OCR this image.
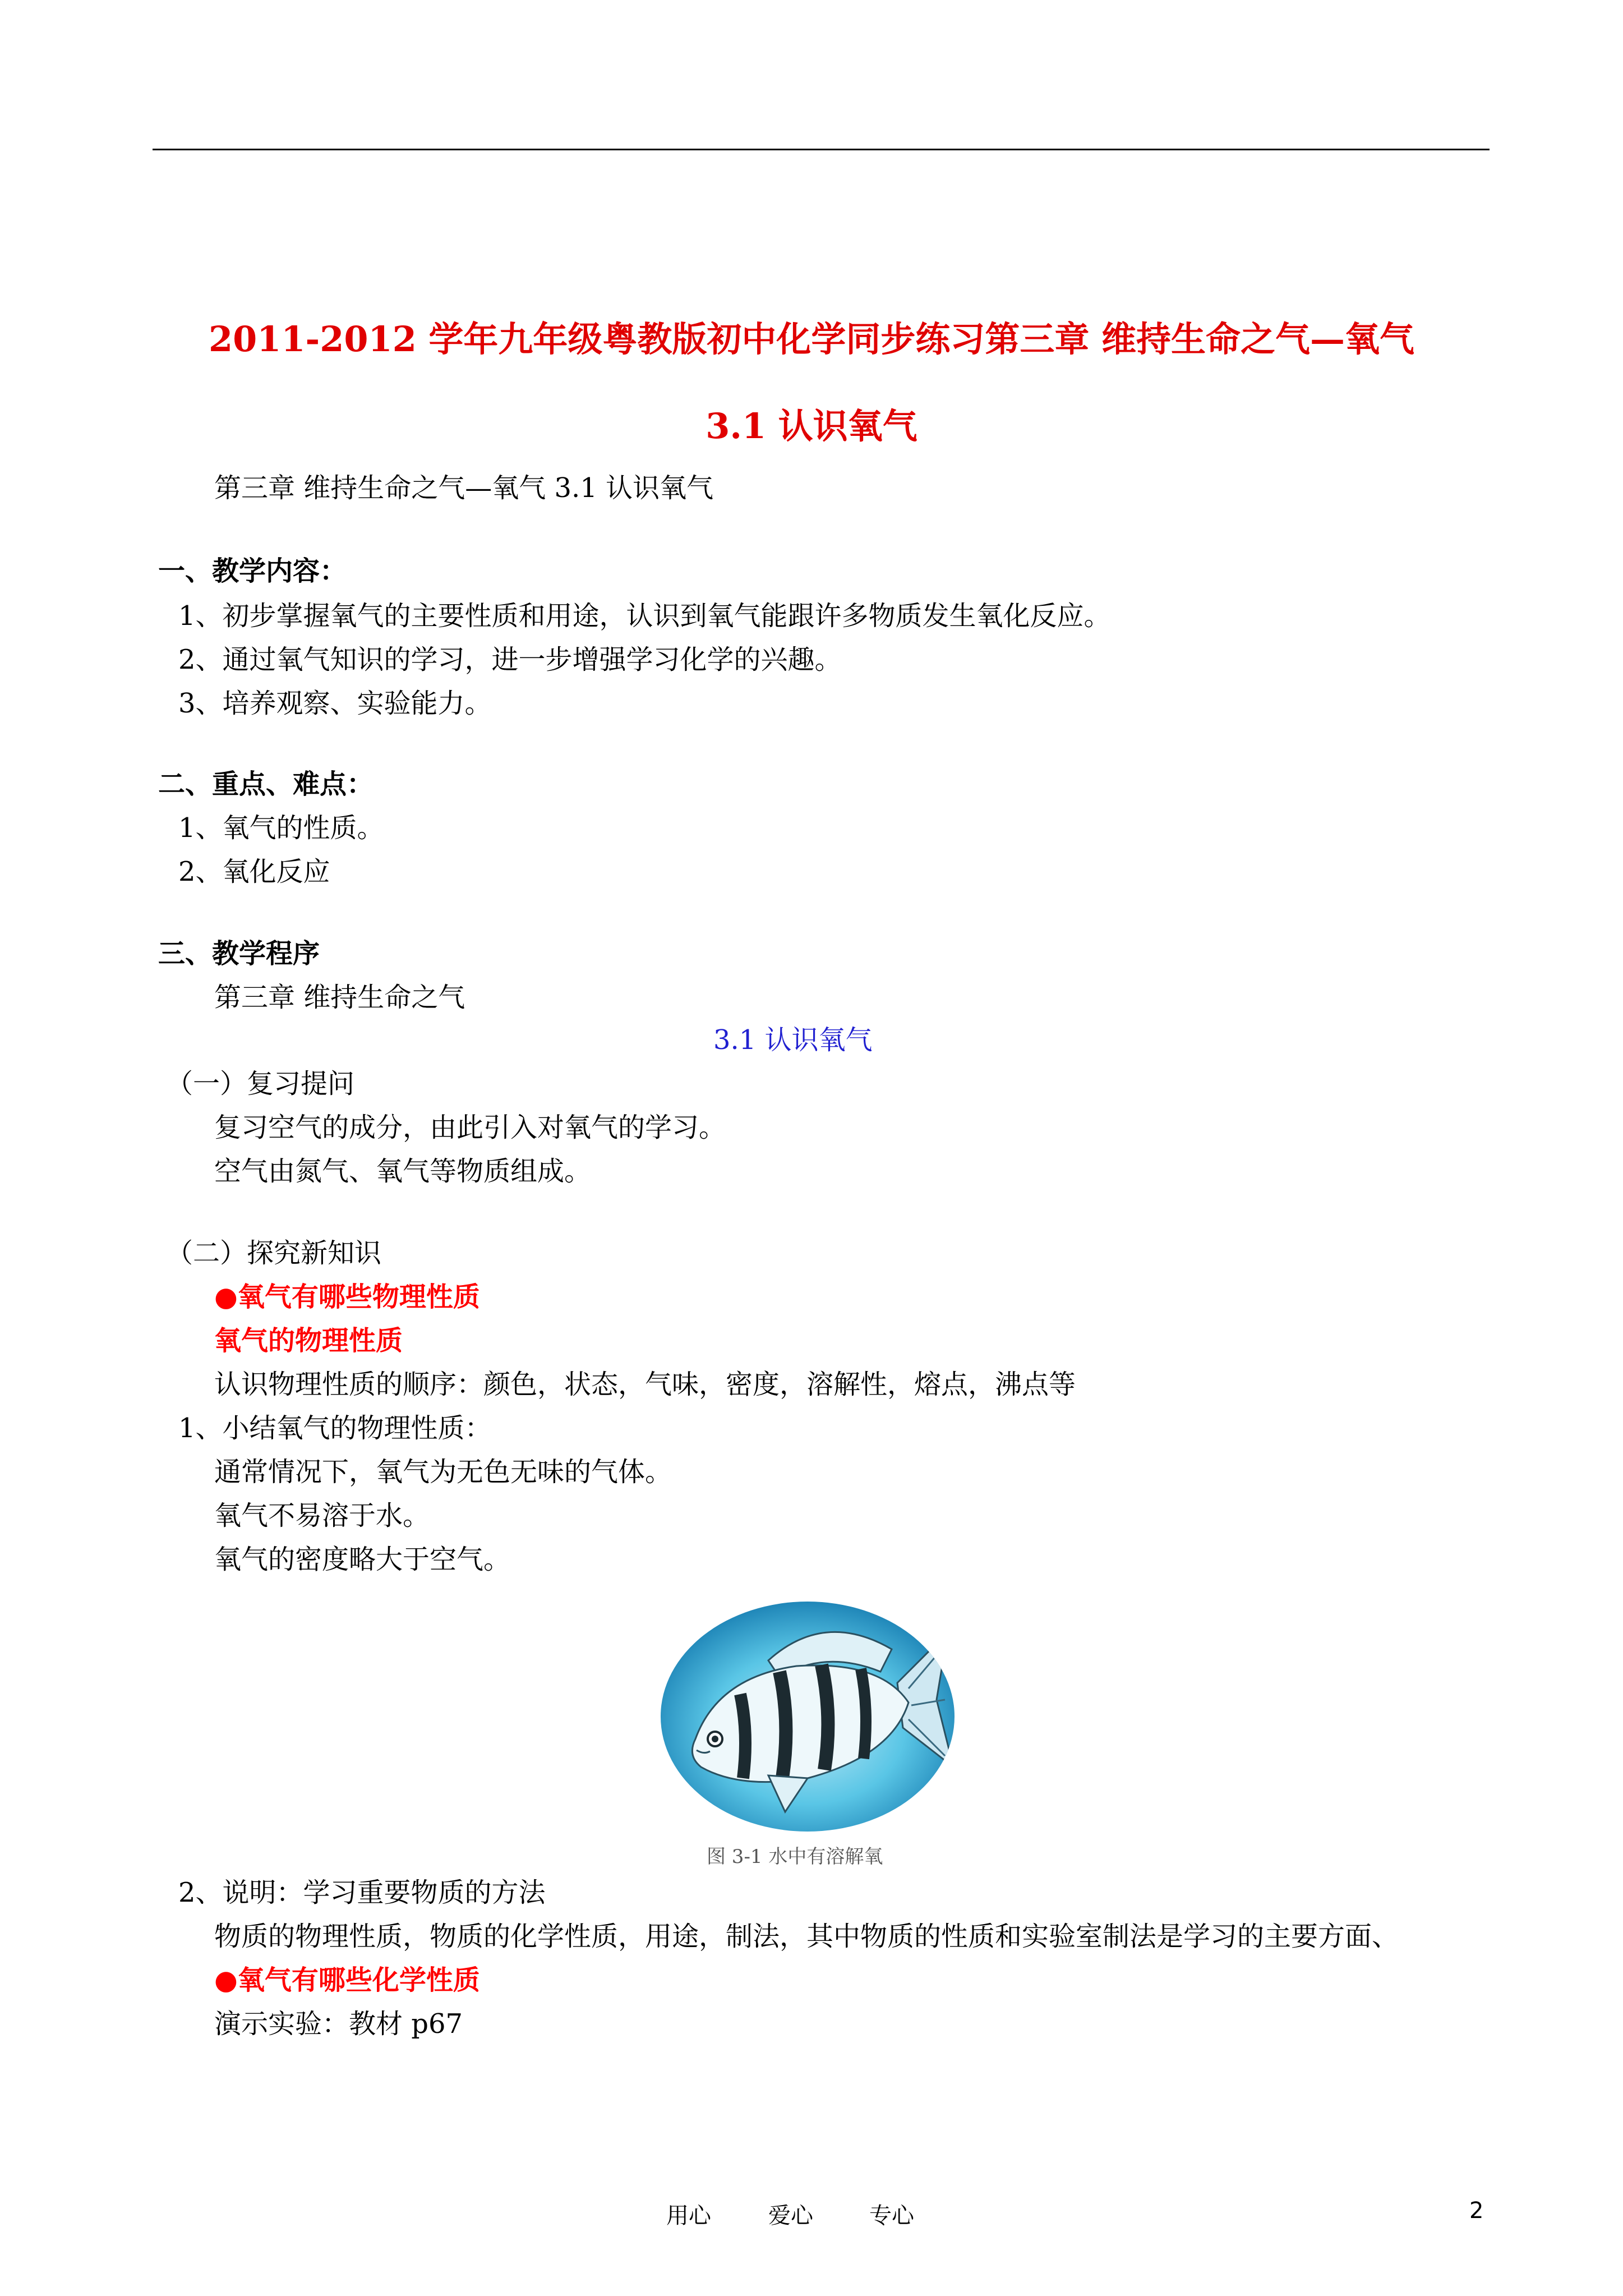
2011-2012 学年九年级粤教版初中化学同步练习第三章 维持生命之气—氧气
3.1 认识氧气
第三章 维持生命之气—氧气 3.1 认识氧气
一、教学内容：
1、初步掌握氧气的主要性质和用途，认识到氧气能跟许多物质发生氧化反应。
2、通过氧气知识的学习，进一步增强学习化学的兴趣。
3、培养观察、实验能力。
二、重点、难点：
1、氧气的性质。
2、氧化反应
三、教学程序
第三章 维持生命之气
3.1 认识氧气
（一）复习提问
复习空气的成分，由此引入对氧气的学习。
空气由氮气、氧气等物质组成。
（二）探究新知识
●氧气有哪些物理性质
氧气的物理性质
认识物理性质的顺序：颜色，状态，气味，密度，溶解性，熔点，沸点等
1、小结氧气的物理性质：
通常情况下，氧气为无色无味的气体。
氧气不易溶于水。
氧气的密度略大于空气。
图 3-1 水中有溶解氧
2、说明：学习重要物质的方法
物质的物理性质，物质的化学性质，用途，制法，其中物质的性质和实验室制法是学习的主要方面、
●氧气有哪些化学性质
演示实验：教材 p67
用心	爱心	专心	2
